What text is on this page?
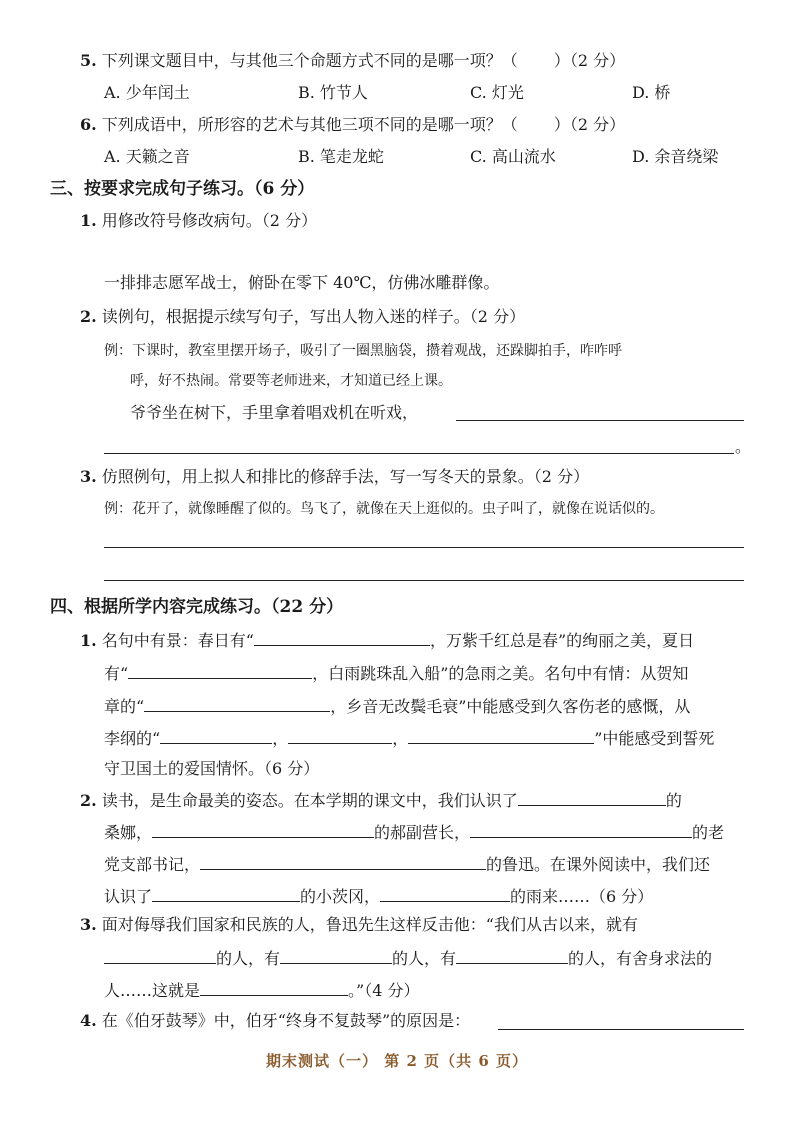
5. 下列课文题目中，与其他三个命题方式不同的是哪一项？（ ）（2 分）
A. 少年闰土	B. 竹节人	C. 灯光	D. 桥
6. 下列成语中，所形容的艺术与其他三项不同的是哪一项？（ ）（2 分）
A. 天籁之音	B. 笔走龙蛇	C. 高山流水	D. 余音绕梁
三、按要求完成句子练习。（6 分）
1. 用修改符号修改病句。（2 分）
一排排志愿军战士，俯卧在零下 40℃，仿佛冰雕群像。
2. 读例句，根据提示续写句子，写出人物入迷的样子。（2 分）
例：下课时，教室里摆开场子，吸引了一圈黑脑袋，攒着观战，还跺脚拍手，咋咋呼
呼，好不热闹。常要等老师进来，才知道已经上课。
爷爷坐在树下，手里拿着唱戏机在听戏，
。
3. 仿照例句，用上拟人和排比的修辞手法，写一写冬天的景象。（2 分）
例：花开了，就像睡醒了似的。鸟飞了，就像在天上逛似的。虫子叫了，就像在说话似的。
四、根据所学内容完成练习。（22 分）
1. 名句中有景：春日有“	，万紫千红总是春”的绚丽之美，夏日
有“	，白雨跳珠乱入船”的急雨之美。名句中有情：从贺知
章的“	，乡音无改鬓毛衰”中能感受到久客伤老的感慨，从
李纲的“	，	，	”中能感受到誓死
守卫国土的爱国情怀。（6 分）
2. 读书，是生命最美的姿态。在本学期的课文中，我们认识了	的
桑娜，	的郝副营长，	的老
党支部书记，	的鲁迅。在课外阅读中，我们还
认识了	的小茨冈，	的雨来……（6 分）
3. 面对侮辱我们国家和民族的人，鲁迅先生这样反击他：“我们从古以来，就有
的人，有	的人，有	的人，有舍身求法的
人……这就是	。”（4 分）
4. 在《伯牙鼓琴》中，伯牙“终身不复鼓琴”的原因是：
期末测试（一） 第 2 页（共 6 页）
